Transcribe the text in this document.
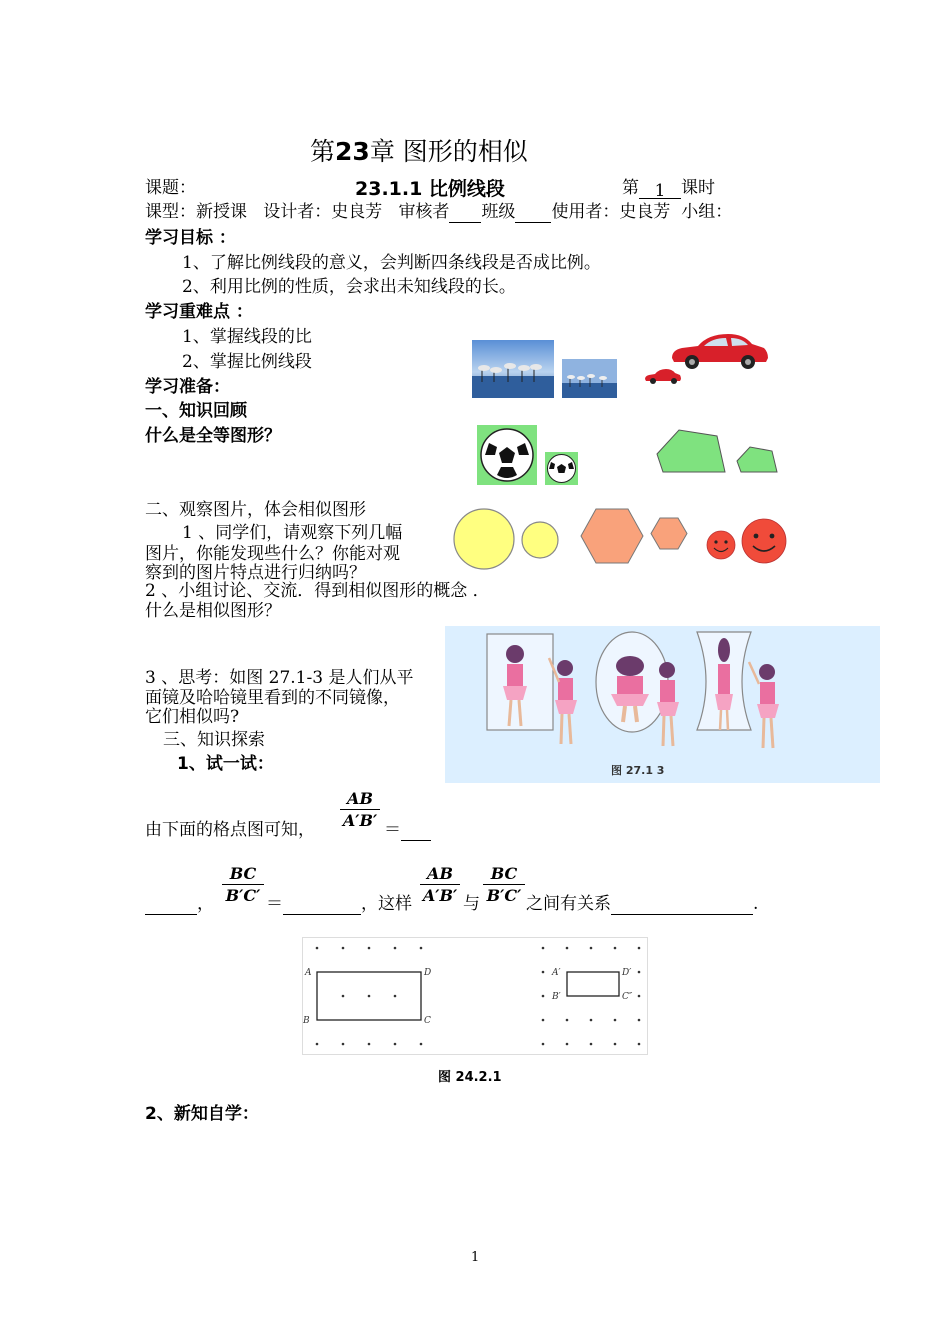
第23章 图形的相似
课题：	23.1.1 比例线段	第 1 课时
课型：新授课 设计者：史良芳 审核者 班级 使用者：史良芳 小组：
学习目标 ：
1、了解比例线段的意义，会判断四条线段是否成比例。
2、利用比例的性质，会求出未知线段的长。
学习重难点 ：
1、掌握线段的比
2、掌握比例线段
学习准备：
一、知识回顾
什么是全等图形？
二、观察图片，体会相似图形
1 、同学们，请观察下列几幅
图片，你能发现些什么？你能对观
察到的图片特点进行归纳吗？
2 、小组讨论、交流．得到相似图形的概念 ．
什么是相似图形？
3 、思考：如图 27.1-3 是人们从平
面镜及哈哈镜里看到的不同镜像，
它们相似吗?
三、知识探索
1、试一试：
由下面的格点图可知，
AB
A′B′ ＝
，
BC
B′C′ ＝	，这样
AB
A′B′ 与
BC
B′C′ 之间有关系	.
A	D
B	C
A′	D′
B′	C″
图 24.2.1
2、新知自学：
1
图 27.1 3
